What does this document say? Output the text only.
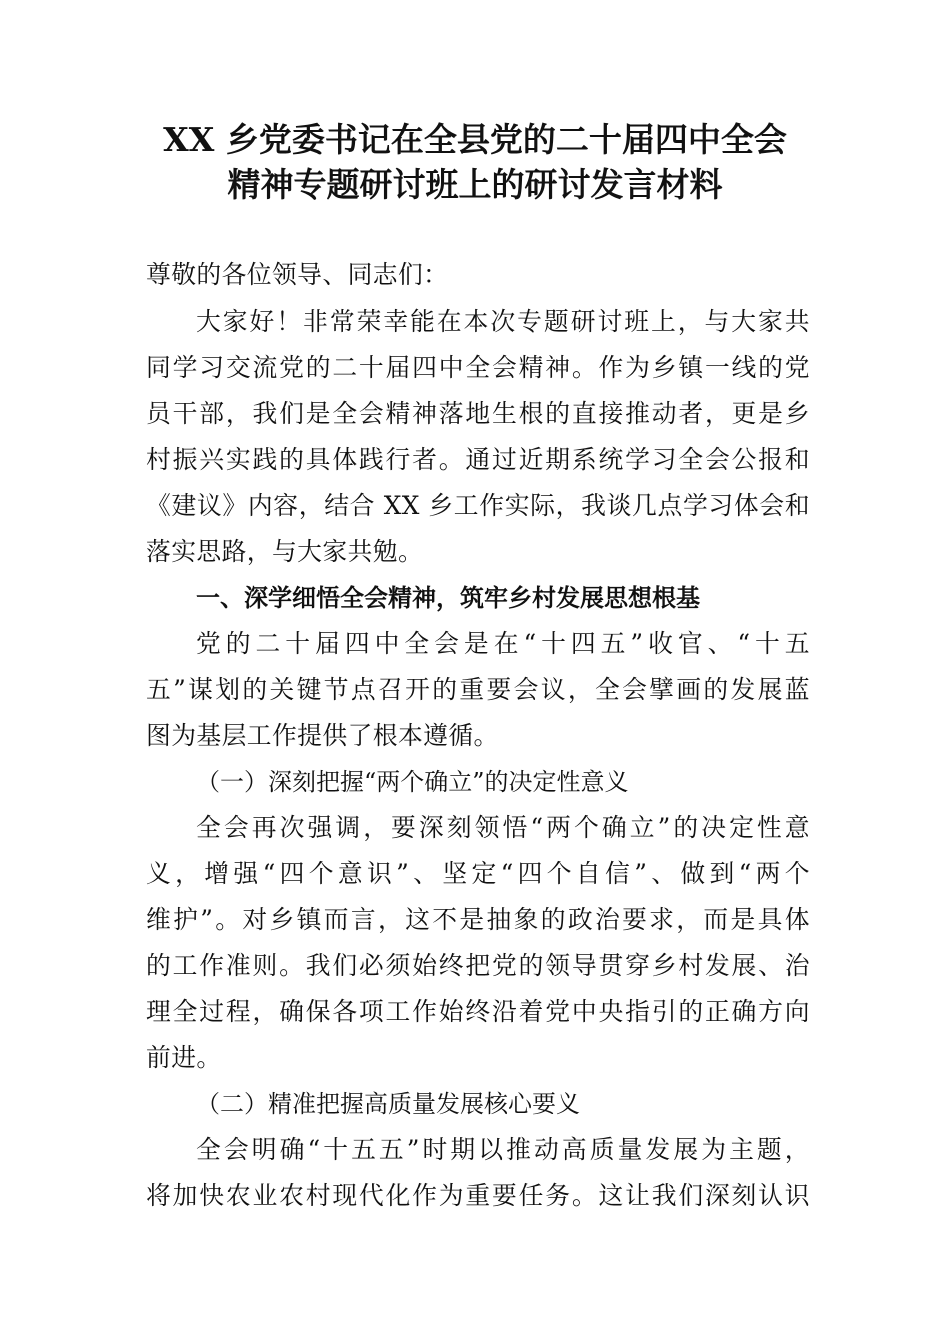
XX 乡党委书记在全县党的二十届四中全会
精神专题研讨班上的研讨发言材料
尊敬的各位领导、同志们：
大家好！非常荣幸能在本次专题研讨班上，与大家共
同学习交流党的二十届四中全会精神。作为乡镇一线的党
员干部，我们是全会精神落地生根的直接推动者，更是乡
村振兴实践的具体践行者。通过近期系统学习全会公报和
《建议》内容，结合 XX 乡工作实际，我谈几点学习体会和
落实思路，与大家共勉。
一、深学细悟全会精神，筑牢乡村发展思想根基
党的二十届四中全会是在“十四五”收官、“十五
五”谋划的关键节点召开的重要会议，全会擘画的发展蓝
图为基层工作提供了根本遵循。
（一）深刻把握“两个确立”的决定性意义
全会再次强调，要深刻领悟“两个确立”的决定性意
义，增强“四个意识”、坚定“四个自信”、做到“两个
维护”。对乡镇而言，这不是抽象的政治要求，而是具体
的工作准则。我们必须始终把党的领导贯穿乡村发展、治
理全过程，确保各项工作始终沿着党中央指引的正确方向
前进。
（二）精准把握高质量发展核心要义
全会明确“十五五”时期以推动高质量发展为主题，
将加快农业农村现代化作为重要任务。这让我们深刻认识
